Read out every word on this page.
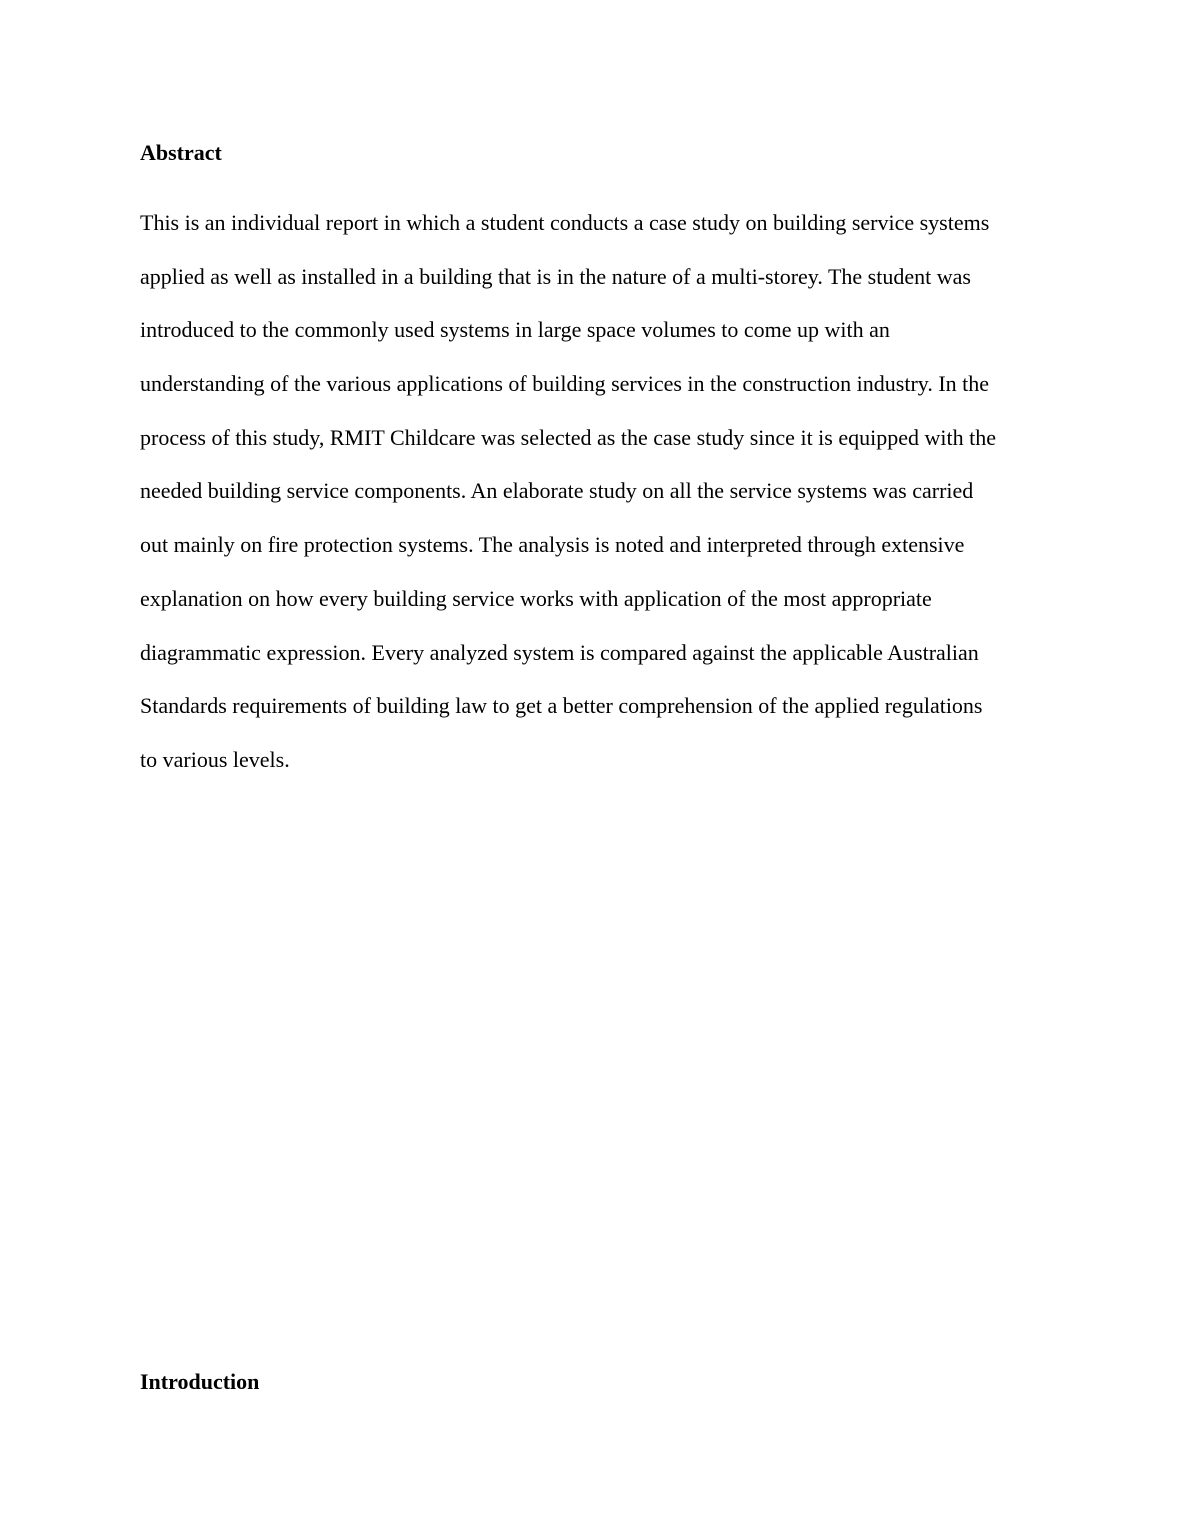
Abstract
This is an individual report in which a student conducts a case study on building service systems
applied as well as installed in a building that is in the nature of a multi-storey. The student was
introduced to the commonly used systems in large space volumes to come up with an
understanding of the various applications of building services in the construction industry. In the
process of this study, RMIT Childcare was selected as the case study since it is equipped with the
needed building service components. An elaborate study on all the service systems was carried
out mainly on fire protection systems. The analysis is noted and interpreted through extensive
explanation on how every building service works with application of the most appropriate
diagrammatic expression. Every analyzed system is compared against the applicable Australian
Standards requirements of building law to get a better comprehension of the applied regulations
to various levels.
Introduction
